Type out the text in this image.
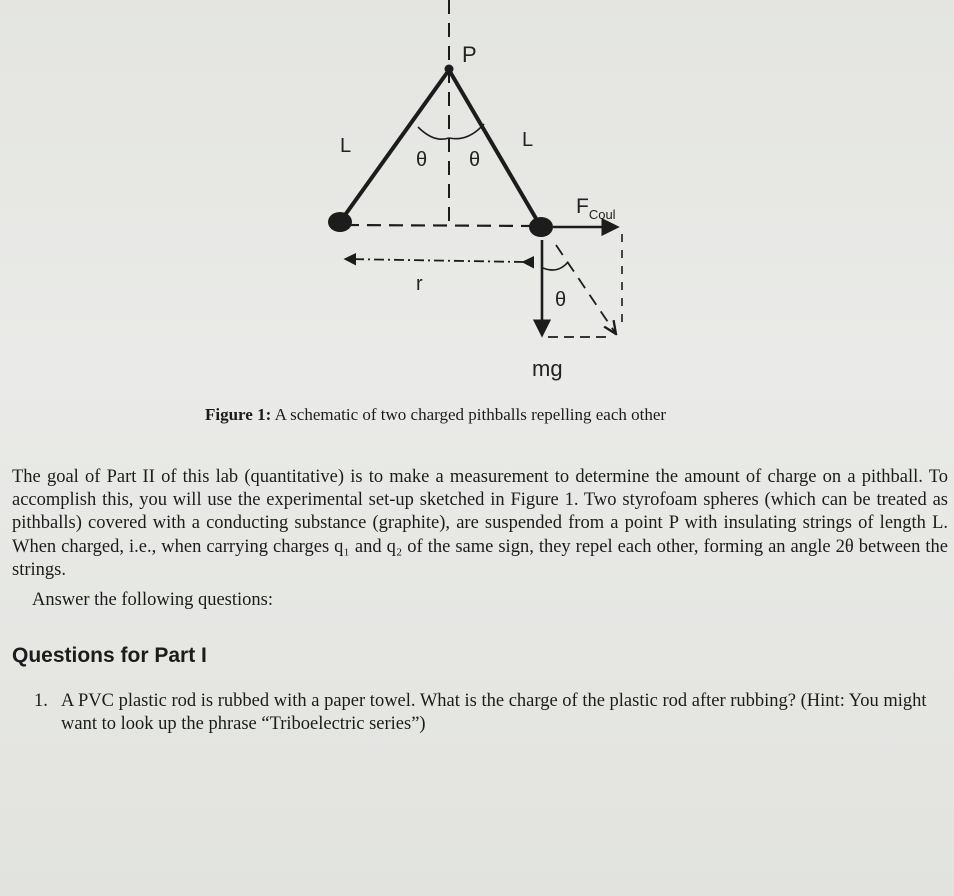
P
θ θ
L	L
r
$F_{Coul}$
mg
θ
Figure 1: A schematic of two charged pithballs repelling each other
The goal of Part II of this lab (quantitative) is to make a measurement to determine the amount of charge on a pithball. To accomplish this, you will use the experimental set-up sketched in Figure 1. Two styrofoam spheres (which can be treated as pithballs) covered with a conducting substance (graphite), are suspended from a point P with insulating strings of length L. When charged, i.e., when carrying charges q₁ and q₂ of the same sign, they repel each other, forming an angle 2θ between the strings.
Answer the following questions:
Questions for Part I
1. A PVC plastic rod is rubbed with a paper towel. What is the charge of the plastic rod after rubbing? (Hint: You might want to look up the phrase “Triboelectric series”)
